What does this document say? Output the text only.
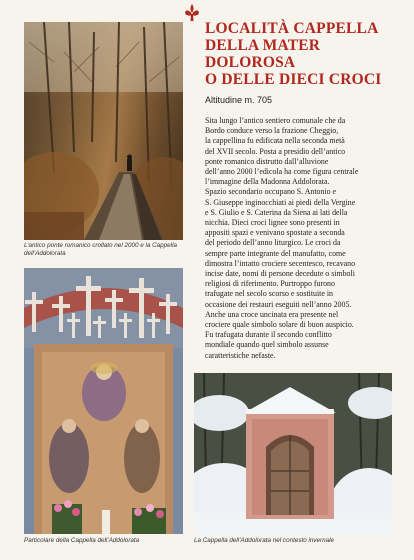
L’antico ponte romanico crollato nel 2000 e la Cappella
dell’Addolorata
Particolare della Cappella dell’Addolorata	La Cappella dell’Addolorata nel contesto invernale
LOCALITÀ CAPPELLA
DELLA MATER
DOLOROSA
O DELLE DIECI CROCI
Altitudine m. 705
Sita lungo l’antico sentiero comunale che da
Bordo conduce verso la frazione Cheggio,
la cappellina fu edificata nella seconda metà
del XVII secolo. Posta a presidio dell’antico
ponte romanico distrutto dall’alluvione
dell’anno 2000 l’edicola ha come figura centrale
l’immagine della Madonna Addolorata.
Spazio secondario occupano S. Antonio e
S. Giuseppe inginocchiati ai piedi della Vergine
e S. Giulio e S. Caterina da Siena ai lati della
nicchia. Dieci croci lignee sono presenti in
appositi spazi e venivano spostate a seconda
del periodo dell’anno liturgico. Le croci da
sempre parte integrante del manufatto, come
dimostra l’intatto crociere secentesco, recavano
incise date, nomi di persone decedute o simboli
religiosi di riferimento. Purtroppo furono
trafugate nel secolo scorso e sostituite in
occasione dei restauri eseguiti nell’anno 2005.
Anche una croce uncinata era presente nel
crociere quale simbolo solare di buon auspicio.
Fu trafugata durante il secondo conflitto
mondiale quando quel simbolo assunse
caratteristiche nefaste.
